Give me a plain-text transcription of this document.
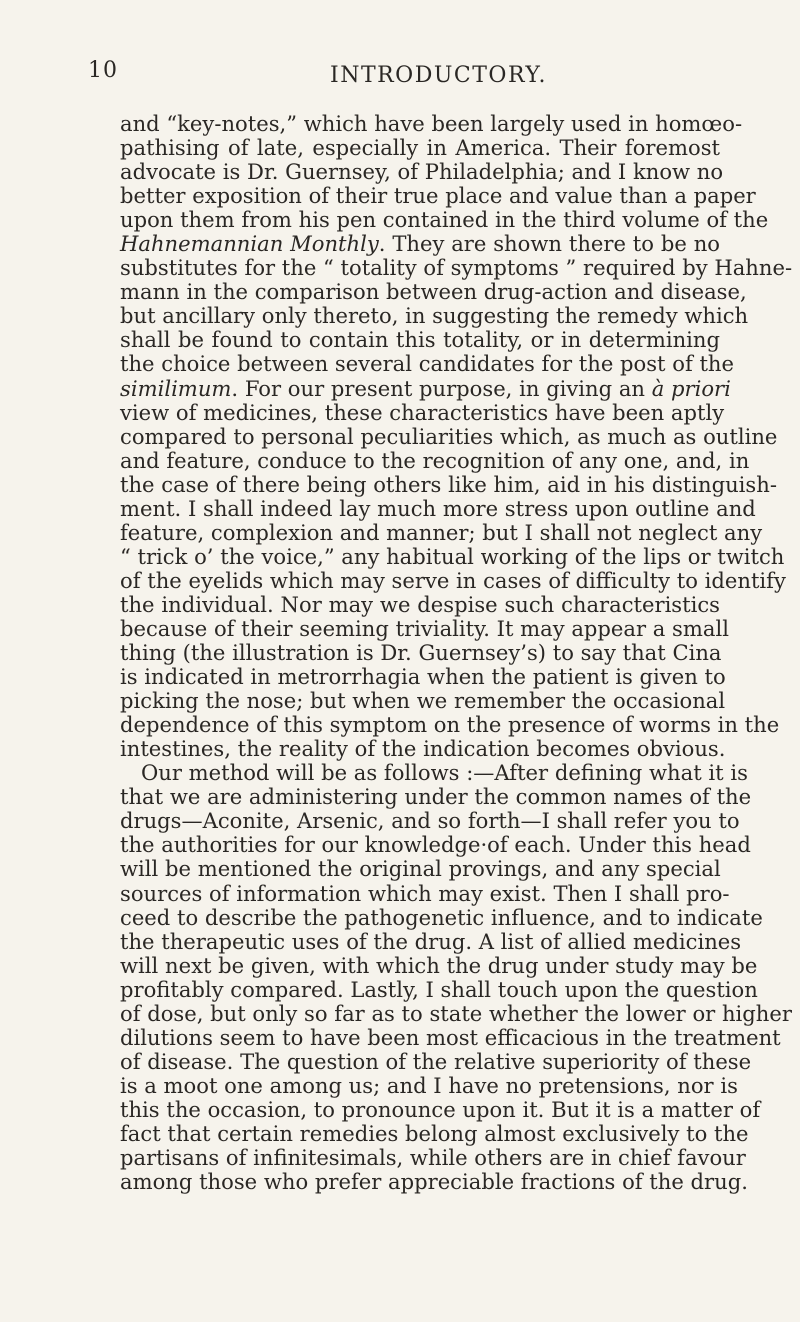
10	INTRODUCTORY.
and “key-notes,” which have been largely used in homœo-
pathising of late, especially in America. Their foremost
advocate is Dr. Guernsey, of Philadelphia; and I know no
better exposition of their true place and value than a paper
upon them from his pen contained in the third volume of the
Hahnemannian Monthly. They are shown there to be no
substitutes for the “ totality of symptoms ” required by Hahne-
mann in the comparison between drug-action and disease,
but ancillary only thereto, in suggesting the remedy which
shall be found to contain this totality, or in determining
the choice between several candidates for the post of the
similimum. For our present purpose, in giving an à priori
view of medicines, these characteristics have been aptly
compared to personal peculiarities which, as much as outline
and feature, conduce to the recognition of any one, and, in
the case of there being others like him, aid in his distinguish-
ment. I shall indeed lay much more stress upon outline and
feature, complexion and manner; but I shall not neglect any
“ trick o’ the voice,” any habitual working of the lips or twitch
of the eyelids which may serve in cases of difficulty to identify
the individual. Nor may we despise such characteristics
because of their seeming triviality. It may appear a small
thing (the illustration is Dr. Guernsey’s) to say that Cina
is indicated in metrorrhagia when the patient is given to
picking the nose; but when we remember the occasional
dependence of this symptom on the presence of worms in the
intestines, the reality of the indication becomes obvious.
Our method will be as follows :—After defining what it is
that we are administering under the common names of the
drugs—Aconite, Arsenic, and so forth—I shall refer you to
the authorities for our knowledge·of each. Under this head
will be mentioned the original provings, and any special
sources of information which may exist. Then I shall pro-
ceed to describe the pathogenetic influence, and to indicate
the therapeutic uses of the drug. A list of allied medicines
will next be given, with which the drug under study may be
profitably compared. Lastly, I shall touch upon the question
of dose, but only so far as to state whether the lower or higher
dilutions seem to have been most efficacious in the treatment
of disease. The question of the relative superiority of these
is a moot one among us; and I have no pretensions, nor is
this the occasion, to pronounce upon it. But it is a matter of
fact that certain remedies belong almost exclusively to the
partisans of infinitesimals, while others are in chief favour
among those who prefer appreciable fractions of the drug.
